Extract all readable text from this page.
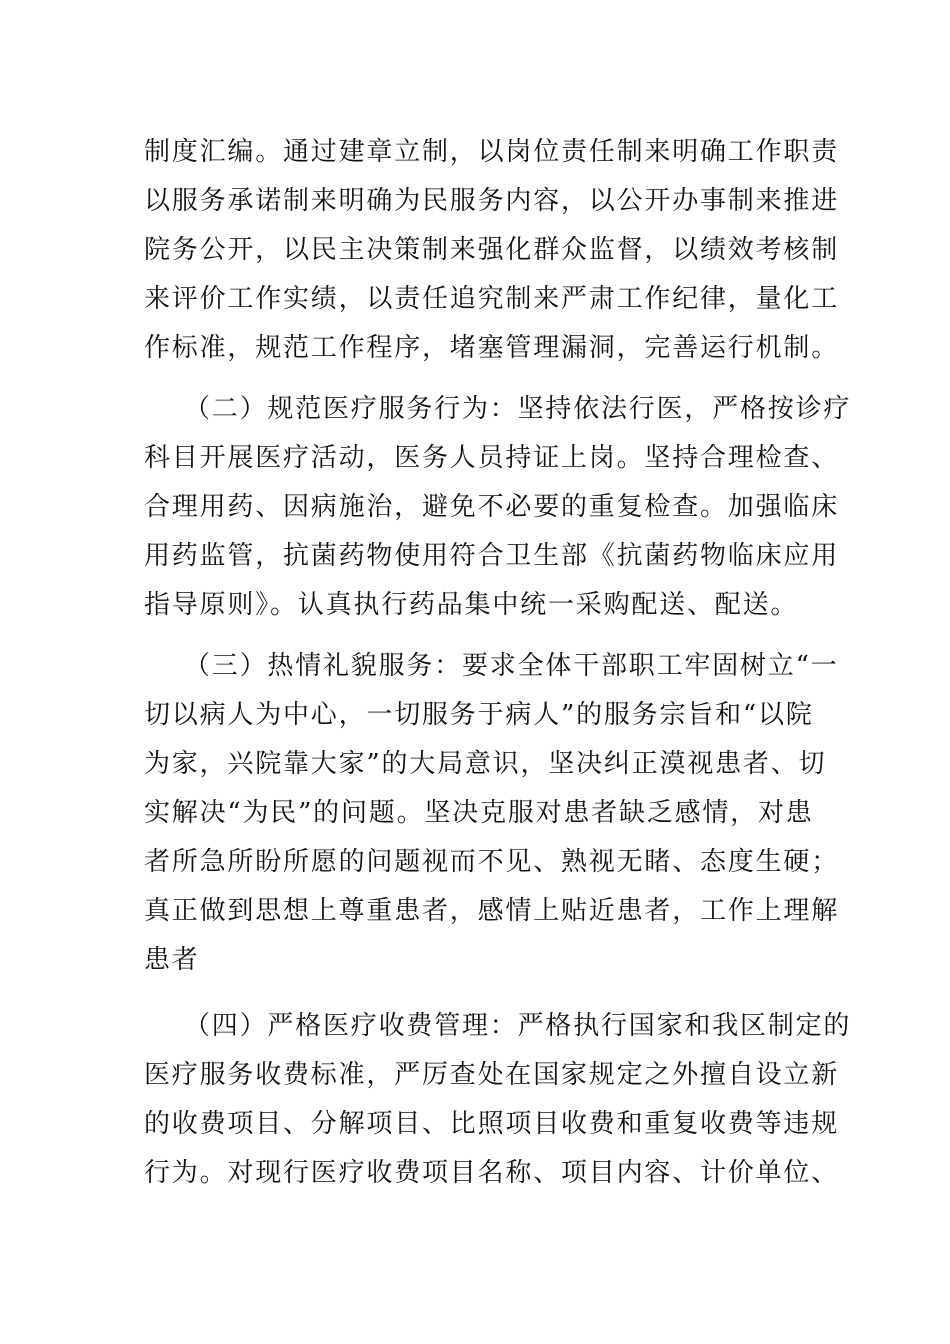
制度汇编。通过建章立制，以岗位责任制来明确工作职责
以服务承诺制来明确为民服务内容，以公开办事制来推进
院务公开，以民主决策制来强化群众监督，以绩效考核制
来评价工作实绩，以责任追究制来严肃工作纪律，量化工
作标准，规范工作程序，堵塞管理漏洞，完善运行机制。
（二）规范医疗服务行为：坚持依法行医，严格按诊疗
科目开展医疗活动，医务人员持证上岗。坚持合理检查、
合理用药、因病施治，避免不必要的重复检查。加强临床
用药监管，抗菌药物使用符合卫生部《抗菌药物临床应用
指导原则》。认真执行药品集中统一采购配送、配送。
（三）热情礼貌服务：要求全体干部职工牢固树立“一
切以病人为中心，一切服务于病人”的服务宗旨和“以院
为家，兴院靠大家”的大局意识，坚决纠正漠视患者、切
实解决“为民”的问题。坚决克服对患者缺乏感情，对患
者所急所盼所愿的问题视而不见、熟视无睹、态度生硬；
真正做到思想上尊重患者，感情上贴近患者，工作上理解
患者
（四）严格医疗收费管理：严格执行国家和我区制定的
医疗服务收费标准，严厉查处在国家规定之外擅自设立新
的收费项目、分解项目、比照项目收费和重复收费等违规
行为。对现行医疗收费项目名称、项目内容、计价单位、
